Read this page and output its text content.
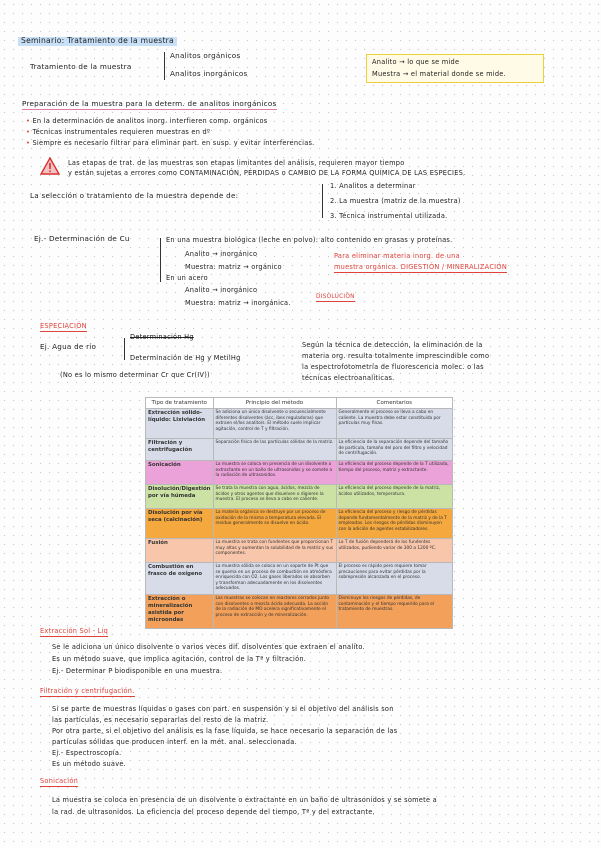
Seminario: Tratamiento de la muestra
Tratamiento de la muestra
Analitos orgánicos
Analitos inorgánicos
Analito → lo que se mide
Muestra → el material donde se mide.
Preparación de la muestra para la determ. de analitos inorgánicos
• En la determinación de analitos inorg. interfieren comp. orgánicos
• Técnicas instrumentales requieren muestras en dº
• Siempre es necesario filtrar para eliminar part. en susp. y evitar interferencias.
Las etapas de trat. de las muestras son etapas limitantes del análisis, requieren mayor tiempo
y están sujetas a errores como CONTAMINACIÓN, PÉRDIDAS o CAMBIO DE LA FORMA QUÍMICA DE LAS ESPECIES.
La selección o tratamiento de la muestra depende de:
1. Analitos a determinar
2. La muestra (matriz de la muestra)
3. Técnica instrumental utilizada.
Ej.- Determinación de Cu	En una muestra biológica (leche en polvo): alto contenido en grasas y proteínas.
Analito → inorgánico
Muestra: matriz → orgánico
Para eliminar materia inorg. de una
muestra orgánica. DIGESTIÓN / MINERALIZACIÓN
En un acero
Analito → inorgánico
Muestra: matriz → inorgánica.
DISOLUCIÓN
ESPECIACIÓN
Ej. Agua de río
Determinación Hg
Determinación de Hg y MetilHg
(No es lo mismo determinar Cr que Cr(IV))
Según la técnica de detección, la eliminación de la
materia org. resulta totalmente imprescindible como
la espectrofotometría de fluorescencia molec. o las
técnicas electroanalíticas.
Tipo de tratamiento	Principio del método	Comentarios
Extracción sólido-líquido: Lixiviación	Se adiciona un único disolvente o secuencialmente diferentes disolventes (ácc, ibes reguladoras) que extraen el/los analito/s. El método suele implicar agitación, control de T y filtración.	Generalmente el proceso se lleva a cabo en caliente. La muestra debe estar constituida por partículas muy finas.
Filtración y centrifugación	Separación física de las partículas sólidas de la matriz.	La eficiencia de la separación depende del tamaño de partícula, tamaño del poro del filtro y velocidad de centrifugación.
Sonicación	La muestra se coloca en presencia de un disolvente o extractante en un baño de ultrasonidos y se somete a la radiación de ultrasonidos.	La eficiencia del proceso depende de la T utilizada, tiempo del proceso, matriz y extractante.
Disolución/Digestión por vía húmeda	Se trata la muestra con agua, ácidos, mezcla de ácidos y otros agentes que disuelven o digieren la muestra. El proceso se lleva a cabo en caliente.	La eficiencia del proceso depende de la matriz, ácidos utilizados, temperatura.
Disolución por vía seca (calcinación)	La materia orgánica se destruye por un proceso de oxidación de la misma a temperatura elevada. El residuo generalmente se disuelve en ácido.	La eficiencia del proceso y riesgo de pérdidas depende fundamentalmente de la matriz y de la T empleadas. Los riesgos de pérdidas disminuyen con la adición de agentes estabilizadores.
Fusión	La muestra se trata con fundentes que proporcionan T muy altas y aumentan la solubilidad de la matriz y sus componentes.	La T de fusión dependerá de los fundentes utilizados, pudiendo variar de 300 a 1200 ºC.
Combustión en frasco de oxígeno	La muestra sólida se coloca en un soporte de Pt que se quema en un proceso de combustión en atmósfera enriquecida con O2. Los gases liberados se absorben y transforman adecuadamente en los disolventes adecuados.	El proceso es rápido pero requiere tomar precauciones para evitar pérdidas por la sobrepresión alcanzada en el proceso.
Extracción o mineralización asistida por microondas	Las muestras se colocan en reactores cerrados junto con disolventes o mezcla ácida adecuada. La acción de la radiación de MO acelera significativamente el proceso de extracción y de mineralización.	Disminuye los riesgos de pérdidas, de contaminación y el tiempo requerido para el tratamiento de muestras.
Extracción Sol - Liq
Se le adiciona un único disolvente o varios veces dif. disolventes que extraen el analito.
Es un método suave, que implica agitación, control de la Tª y filtración.
Ej.- Determinar P biodisponible en una muestra.
Filtración y centrifugación.
Si se parte de muestras líquidas o gases con part. en suspensión y si el objetivo del análisis son
las partículas, es necesario separarlas del resto de la matriz.
Por otra parte, si el objetivo del análisis es la fase líquida, se hace necesario la separación de las
partículas sólidas que producen interf. en la mét. anal. seleccionada.
Ej.- Espectroscopía.
Es un método suave.
Sonicación
La muestra se coloca en presencia de un disolvente o extractante en un baño de ultrasonidos y se somete a
la rad. de ultrasonidos. La eficiencia del proceso depende del tiempo, Tª y del extractante.
